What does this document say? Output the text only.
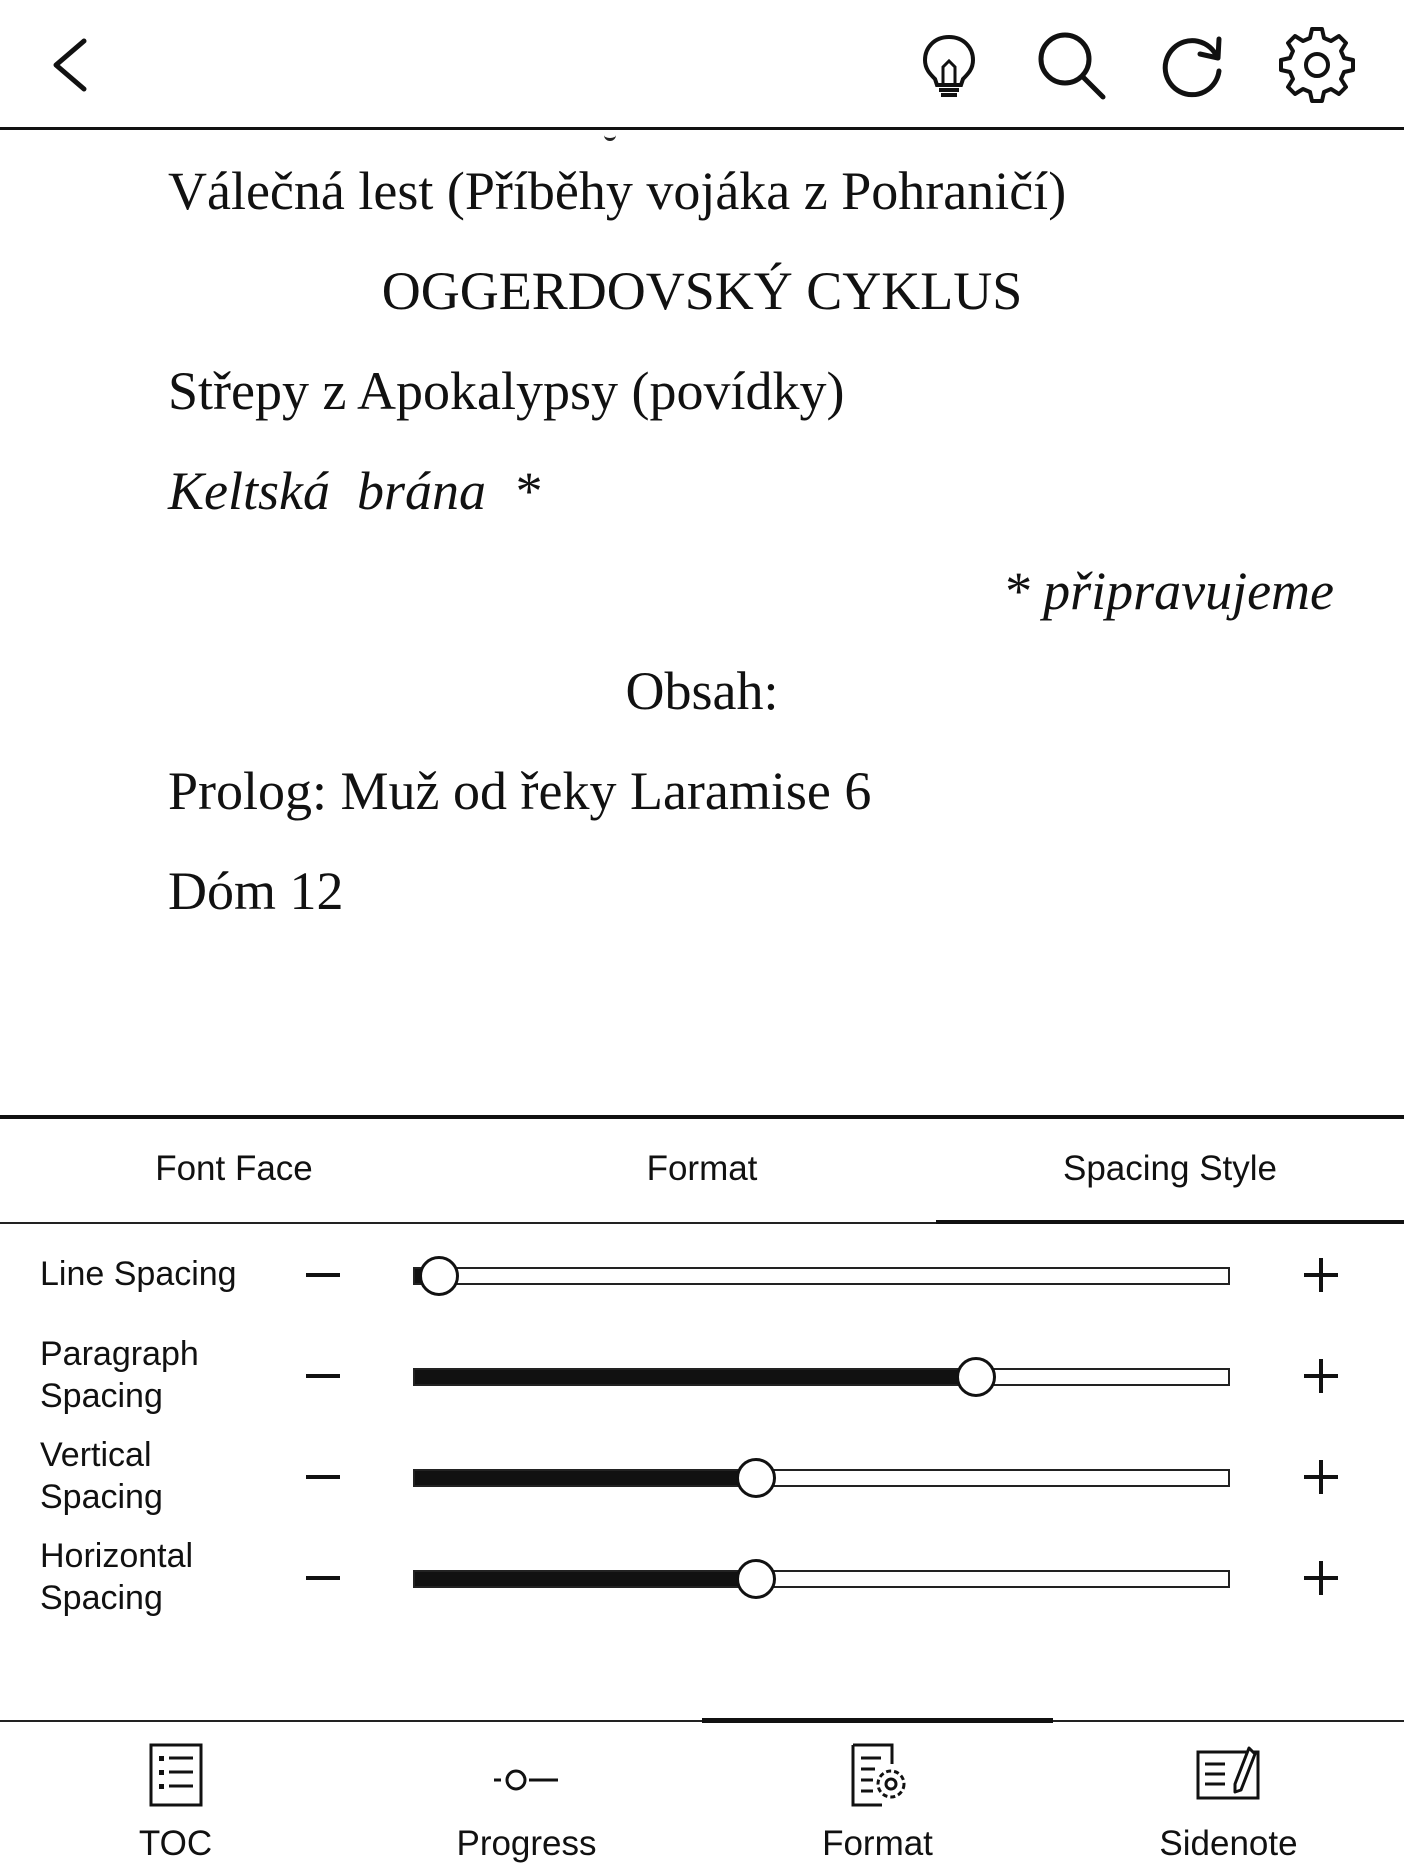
Válečná lest (Příběhy vojáka z Pohraničí)
OGGERDOVSKÝ CYKLUS
Střepy z Apokalypsy (povídky)
Keltská  brána  *
* připravujeme
Obsah:
Prolog: Muž od řeky Laramise 6
Dóm 12
Font Face	Format	Spacing Style
Line Spacing
Paragraph
Spacing
Vertical
Spacing
Horizontal
Spacing
TOC	Progress	Format	Sidenote
